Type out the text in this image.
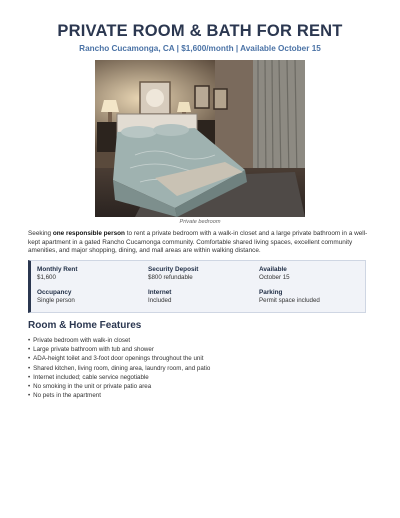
PRIVATE ROOM & BATH FOR RENT
Rancho Cucamonga, CA | $1,600/month | Available October 15
Private bedroom

Seeking one responsible person to rent a private bedroom with a walk-in closet and a large private bathroom in a well-kept apartment in a gated Rancho Cucamonga community. Comfortable shared living spaces, excellent community amenities, and major shopping, dining, and mall areas are within walking distance.

Monthly Rent
$1,600
Security Deposit
$800 refundable
Available
October 15
Occupancy
Single person
Internet
Included
Parking
Permit space included
Room & Home Features
• Private bedroom with walk-in closet
• Large private bathroom with tub and shower
• ADA-height toilet and 3-foot door openings throughout the unit
• Shared kitchen, living room, dining area, laundry room, and patio
• Internet included; cable service negotiable
• No smoking in the unit or private patio area
• No pets in the apartment
